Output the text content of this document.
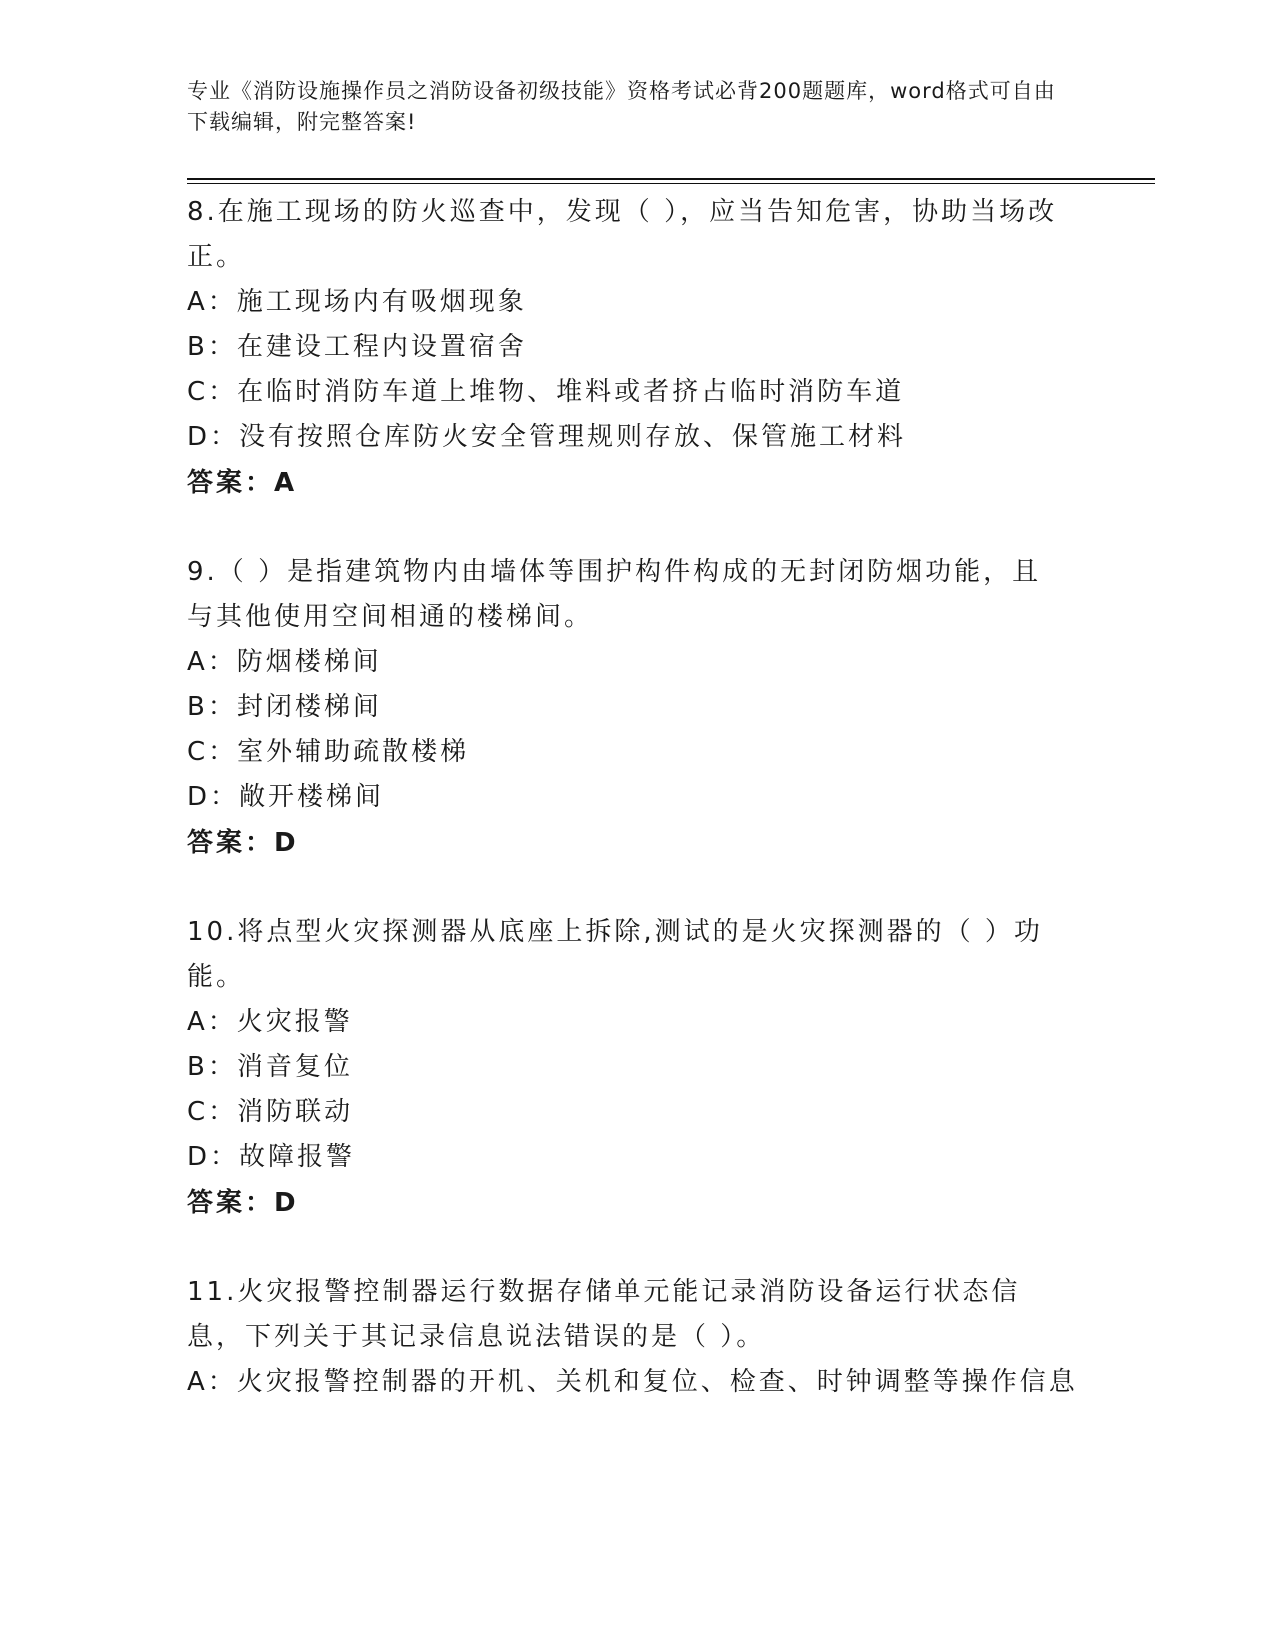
专业《消防设施操作员之消防设备初级技能》资格考试必背200题题库，word格式可自由下载编辑，附完整答案!

8.在施工现场的防火巡查中，发现（ ），应当告知危害，协助当场改正。

A：施工现场内有吸烟现象

B：在建设工程内设置宿舍

C：在临时消防车道上堆物、堆料或者挤占临时消防车道

D：没有按照仓库防火安全管理规则存放、保管施工材料

答案：A

9.（ ）是指建筑物内由墙体等围护构件构成的无封闭防烟功能，且与其他使用空间相通的楼梯间。

A：防烟楼梯间

B：封闭楼梯间

C：室外辅助疏散楼梯

D：敞开楼梯间

答案：D

10.将点型火灾探测器从底座上拆除,测试的是火灾探测器的（ ）功能。

A：火灾报警

B：消音复位

C：消防联动

D：故障报警

答案：D

11.火灾报警控制器运行数据存储单元能记录消防设备运行状态信息，下列关于其记录信息说法错误的是（ ）。

A：火灾报警控制器的开机、关机和复位、检查、时钟调整等操作信息
